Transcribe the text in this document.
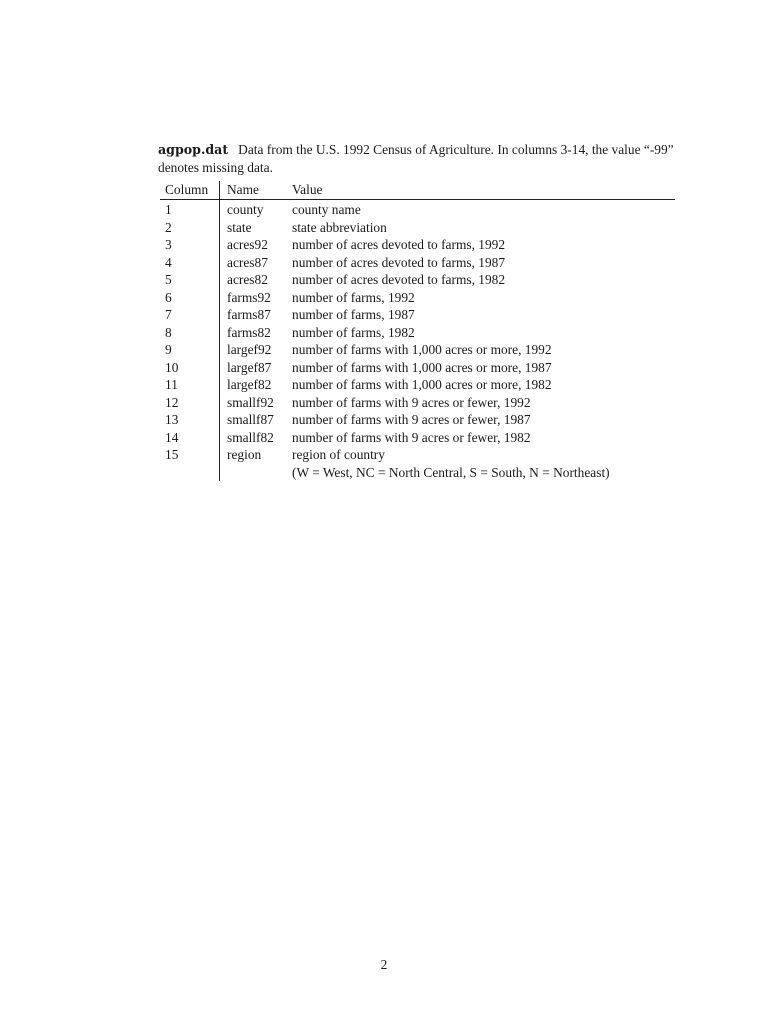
agpop.dat Data from the U.S. 1992 Census of Agriculture. In columns 3-14, the value “-99” denotes missing data.
Column Name Value
1	county county name
2	state	state abbreviation
3	acres92 number of acres devoted to farms, 1992
4	acres87 number of acres devoted to farms, 1987
5	acres82 number of acres devoted to farms, 1982
6	farms92 number of farms, 1992
7	farms87 number of farms, 1987
8	farms82 number of farms, 1982
9	largef92 number of farms with 1,000 acres or more, 1992
10	largef87 number of farms with 1,000 acres or more, 1987
11	largef82 number of farms with 1,000 acres or more, 1982
12	smallf92 number of farms with 9 acres or fewer, 1992
13	smallf87 number of farms with 9 acres or fewer, 1987
14	smallf82 number of farms with 9 acres or fewer, 1982
15	region region of country
(W = West, NC = North Central, S = South, N = Northeast)
2
